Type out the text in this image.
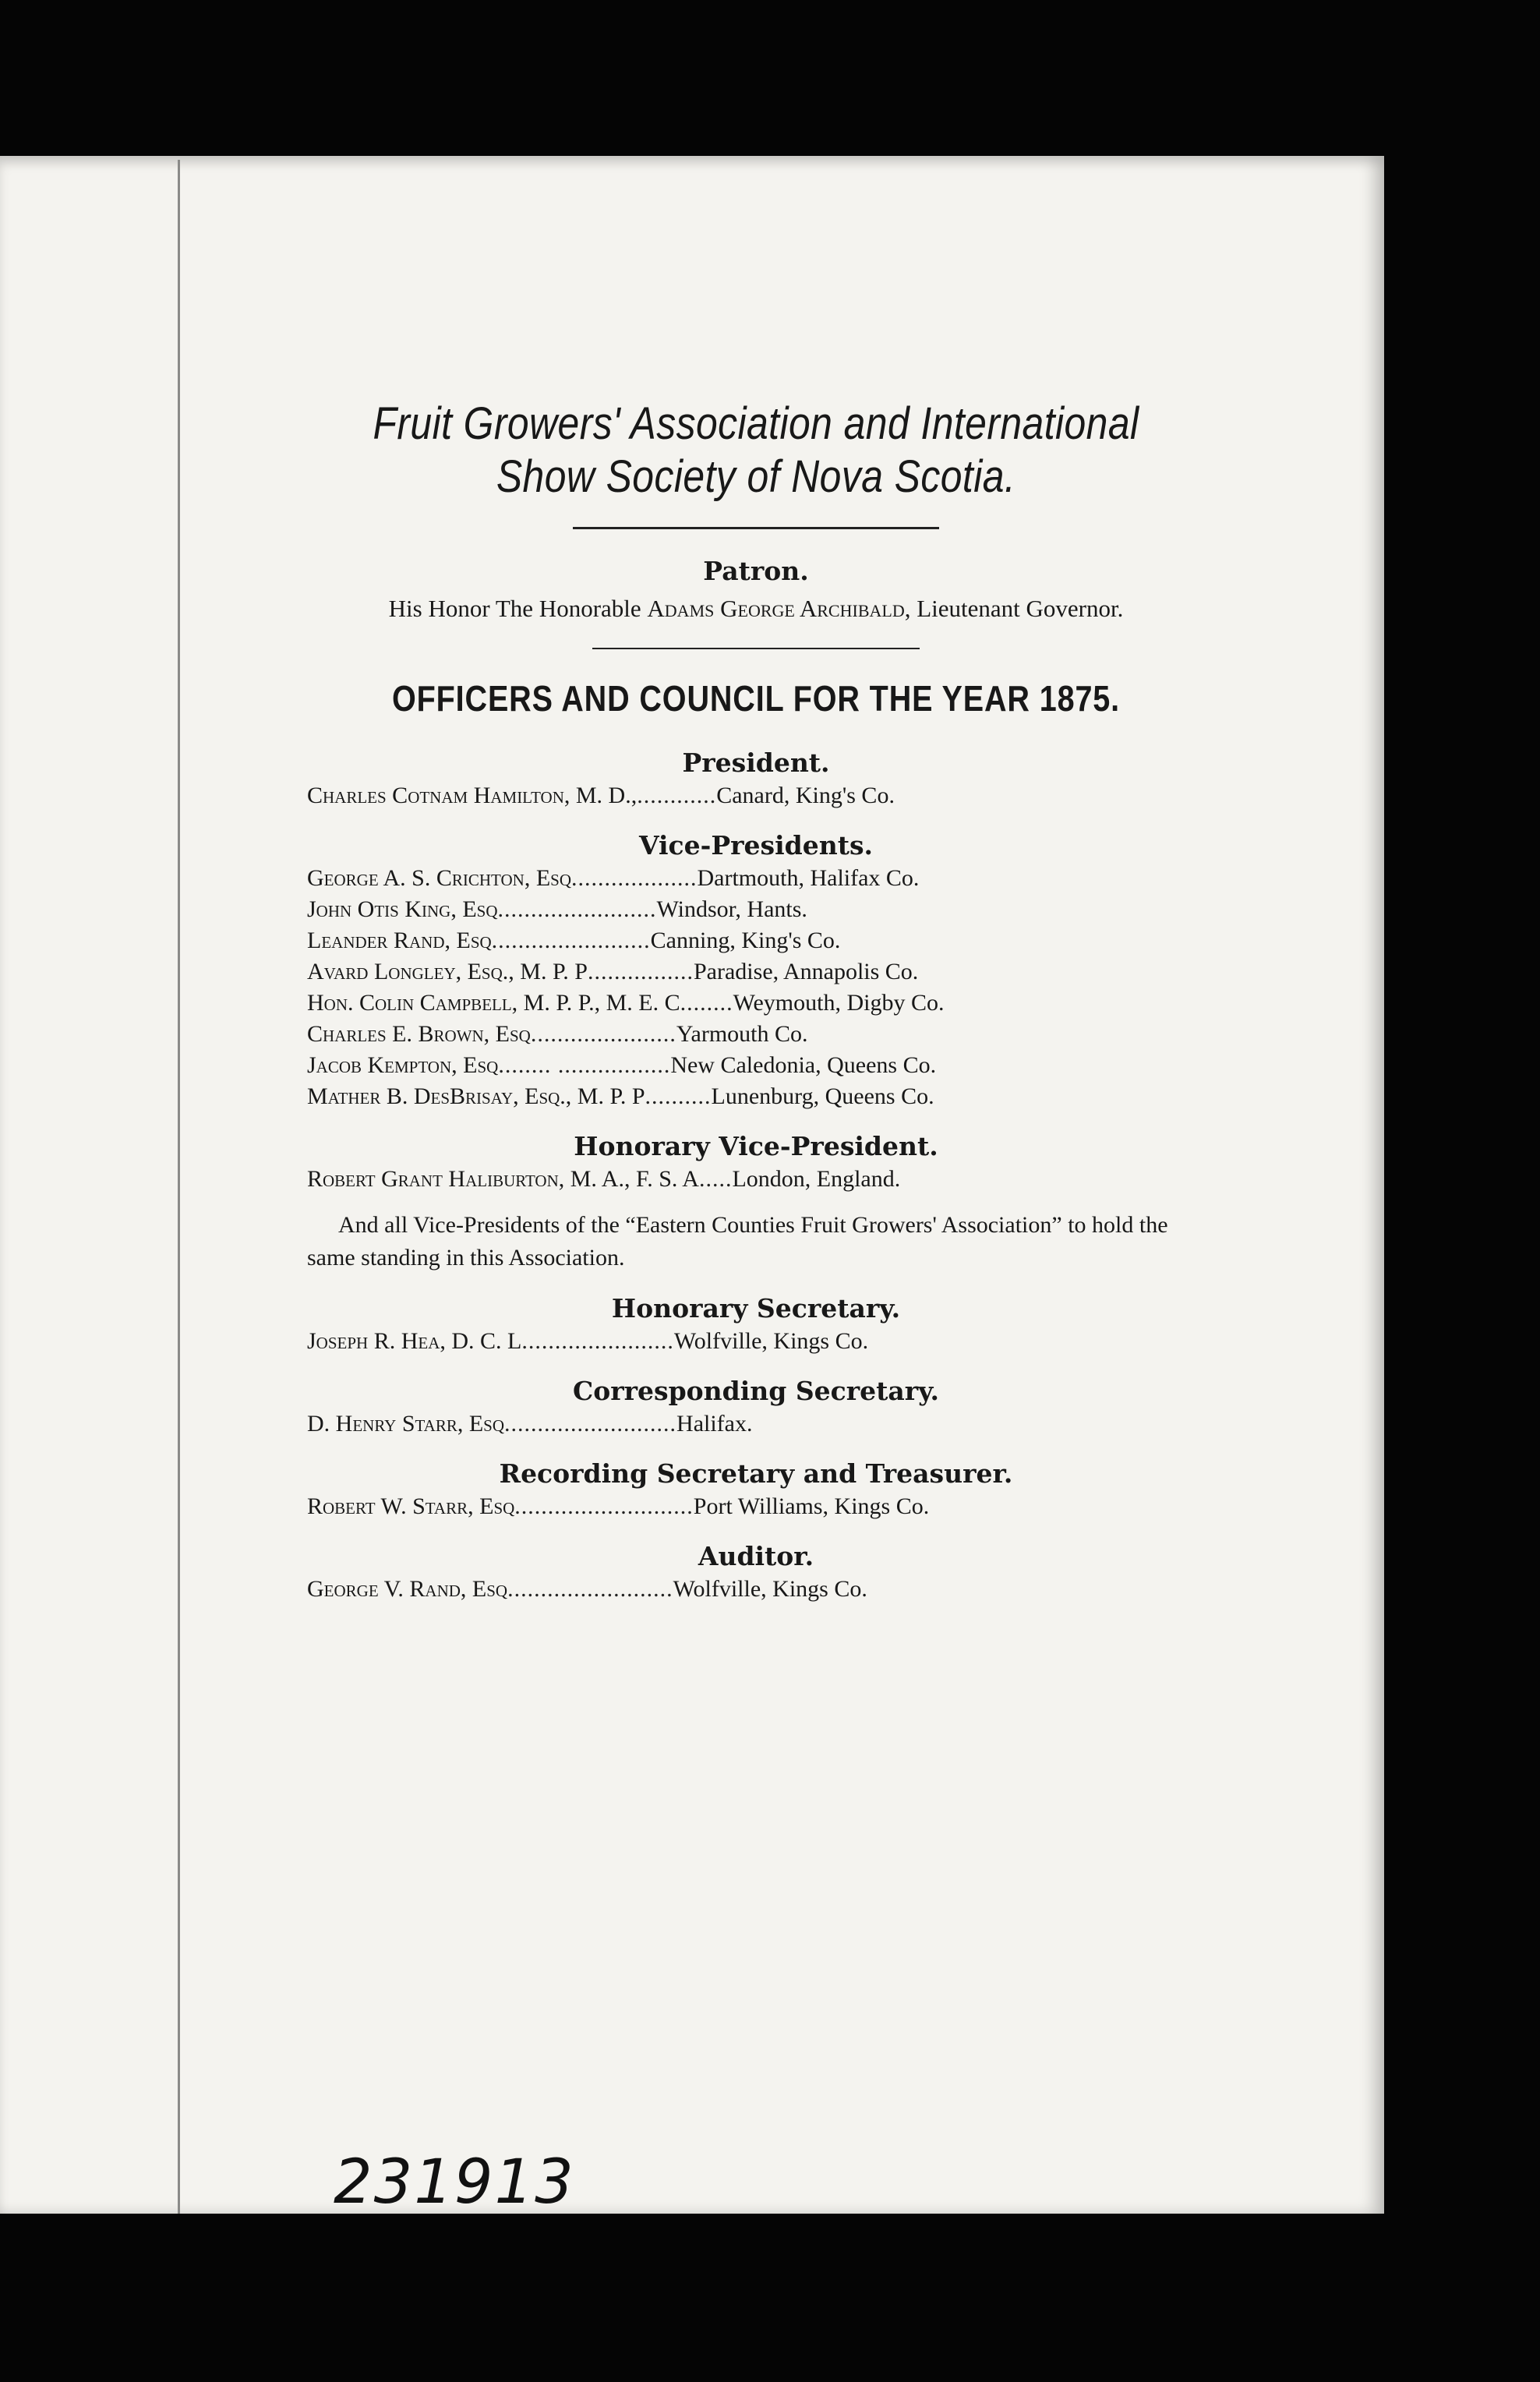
Fruit Growers' Association and International
Show Society of Nova Scotia.
Patron.

His Honor The Honorable Adams George Archibald, Lieutenant Governor.

OFFICERS AND COUNCIL FOR THE YEAR 1875.
President.
Charles Cotnam Hamilton, M. D., ............ Canard, King's Co.
Vice-Presidents.
George A. S. Crichton, Esq ................... Dartmouth, Halifax Co.
John Otis King, Esq ........................ Windsor, Hants.
Leander Rand, Esq ........................ Canning, King's Co.
Avard Longley, Esq., M. P. P ................ Paradise, Annapolis Co.
Hon. Colin Campbell, M. P. P., M. E. C ........ Weymouth, Digby Co.
Charles E. Brown, Esq ...................... Yarmouth Co.
Jacob Kempton, Esq ........ ................. New Caledonia, Queens Co.
Mather B. DesBrisay, Esq., M. P. P .......... Lunenburg, Queens Co.
Honorary Vice-President.
Robert Grant Haliburton, M. A., F. S. A ..... London, England.

And all Vice-Presidents of the “Eastern Counties Fruit Growers' Association” to hold the same standing in this Association.

Honorary Secretary.
Joseph R. Hea, D. C. L ....................... Wolfville, Kings Co.
Corresponding Secretary.
D. Henry Starr, Esq .......................... Halifax.
Recording Secretary and Treasurer.
Robert W. Starr, Esq ........................... Port Williams, Kings Co.
Auditor.
George V. Rand, Esq ......................... Wolfville, Kings Co.
231913
